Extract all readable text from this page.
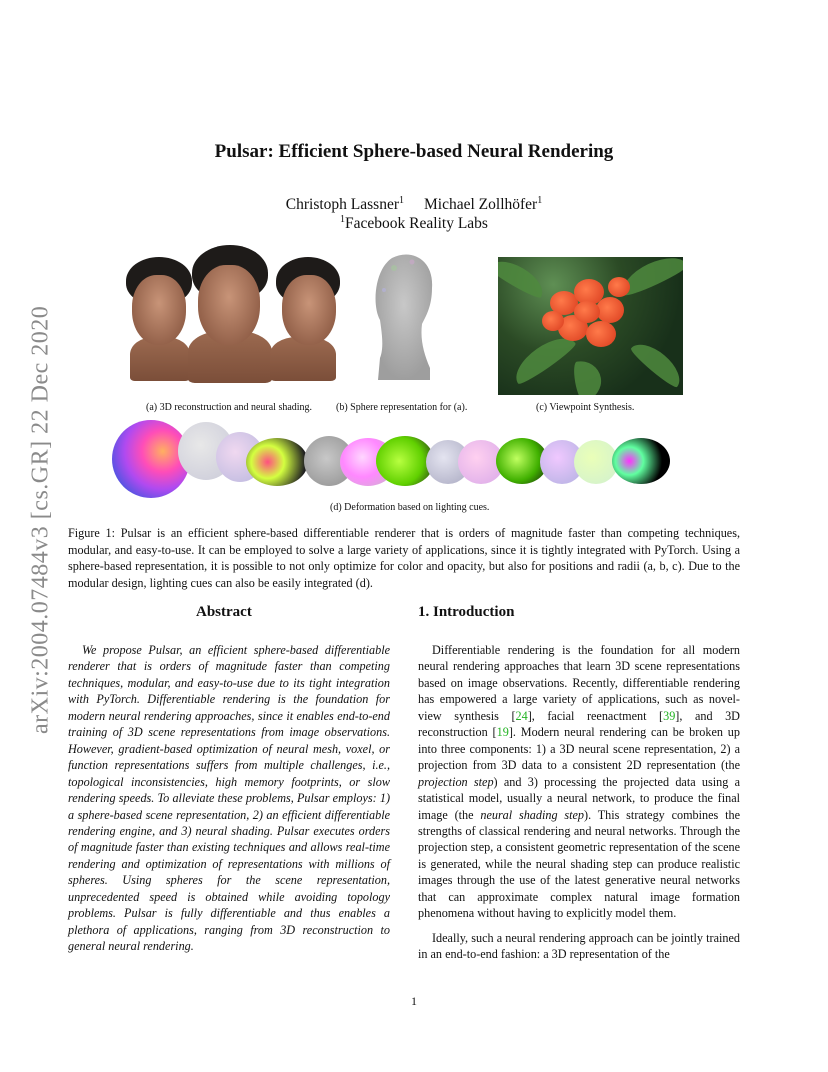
arXiv:2004.07484v3 [cs.GR] 22 Dec 2020
Pulsar: Efficient Sphere-based Neural Rendering
Christoph Lassner$^1$ Michael Zollhöfer$^1$
$^1$Facebook Reality Labs
(a) 3D reconstruction and neural shading. (b) Sphere representation for (a).	(c) Viewpoint Synthesis.
(d) Deformation based on lighting cues.
Figure 1: Pulsar is an efficient sphere-based differentiable renderer that is orders of magnitude faster than competing techniques, modular, and easy-to-use. It can be employed to solve a large variety of applications, since it is tightly integrated with PyTorch. Using a sphere-based representation, it is possible to not only optimize for color and opacity, but also for positions and radii (a, b, c). Due to the modular design, lighting cues can also be easily integrated (d).
Abstract	1. Introduction

We propose Pulsar, an efficient sphere-based differentiable renderer that is orders of magnitude faster than competing techniques, modular, and easy-to-use due to its tight integration with PyTorch. Differentiable rendering is the foundation for modern neural rendering approaches, since it enables end-to-end training of 3D scene representations from image observations. However, gradient-based optimization of neural mesh, voxel, or function representations suffers from multiple challenges, i.e., topological inconsistencies, high memory footprints, or slow rendering speeds. To alleviate these problems, Pulsar employs: 1) a sphere-based scene representation, 2) an efficient differentiable rendering engine, and 3) neural shading. Pulsar executes orders of magnitude faster than existing techniques and allows real-time rendering and optimization of representations with millions of spheres. Using spheres for the scene representation, unprecedented speed is obtained while avoiding topology problems. Pulsar is fully differentiable and thus enables a plethora of applications, ranging from 3D reconstruction to general neural rendering.

Differentiable rendering is the foundation for all modern neural rendering approaches that learn 3D scene representations based on image observations. Recently, differentiable rendering has empowered a large variety of applications, such as novel-view synthesis [24], facial reenactment [39], and 3D reconstruction [19]. Modern neural rendering can be broken up into three components: 1) a 3D neural scene representation, 2) a projection from 3D data to a consistent 2D representation (the projection step) and 3) processing the projected data using a statistical model, usually a neural network, to produce the final image (the neural shading step). This strategy combines the strengths of classical rendering and neural networks. Through the projection step, a consistent geometric representation of the scene is generated, while the neural shading step can produce realistic images through the use of the latest generative neural networks that can approximate complex natural image formation phenomena without having to explicitly model them.

Ideally, such a neural rendering approach can be jointly trained in an end-to-end fashion: a 3D representation of the

1
